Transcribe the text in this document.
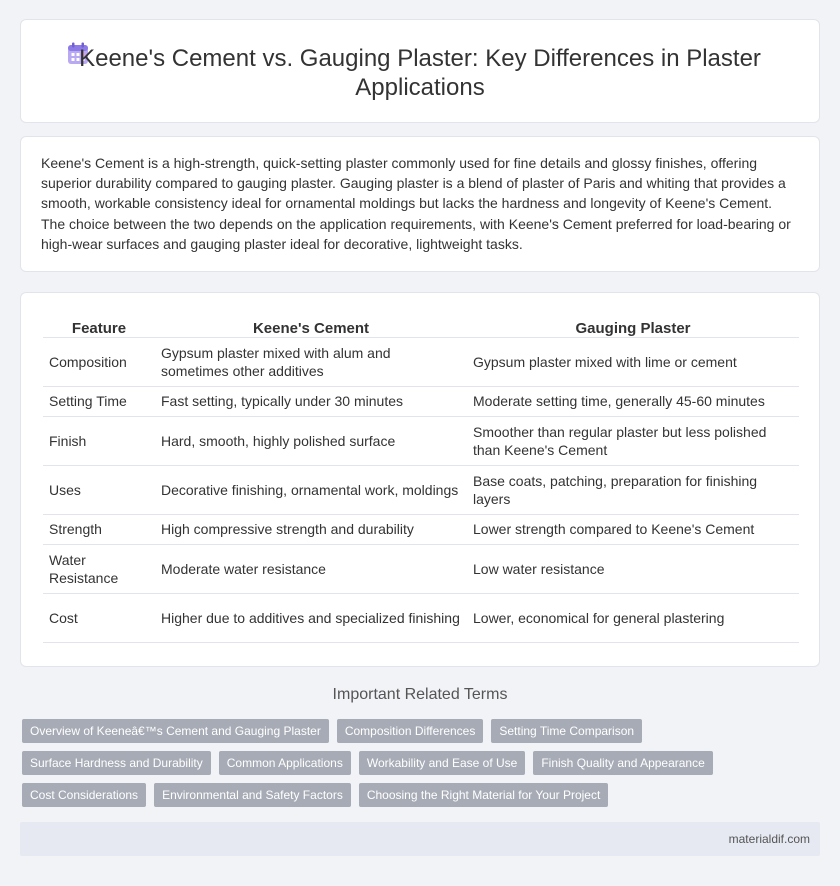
Keene's Cement vs. Gauging Plaster: Key Differences in Plaster Applications

Keene's Cement is a high-strength, quick-setting plaster commonly used for fine details and glossy finishes, offering superior durability compared to gauging plaster. Gauging plaster is a blend of plaster of Paris and whiting that provides a smooth, workable consistency ideal for ornamental moldings but lacks the hardness and longevity of Keene's Cement. The choice between the two depends on the application requirements, with Keene's Cement preferred for load-bearing or high-wear surfaces and gauging plaster ideal for decorative, lightweight tasks.

Feature	Keene's Cement	Gauging Plaster
Composition	Gypsum plaster mixed with alum and sometimes other additives	Gypsum plaster mixed with lime or cement
Setting Time	Fast setting, typically under 30 minutes	Moderate setting time, generally 45-60 minutes
Finish	Hard, smooth, highly polished surface	Smoother than regular plaster but less polished than Keene's Cement
Uses	Decorative finishing, ornamental work, moldings	Base coats, patching, preparation for finishing layers
Strength	High compressive strength and durability	Lower strength compared to Keene's Cement
Water Resistance	Moderate water resistance	Low water resistance
Cost	Higher due to additives and specialized finishing	Lower, economical for general plastering
Important Related Terms
Overview of Keeneâ€™s Cement and Gauging Plaster	Composition Differences	Setting Time Comparison
Surface Hardness and Durability	Common Applications	Workability and Ease of Use	Finish Quality and Appearance
Cost Considerations	Environmental and Safety Factors	Choosing the Right Material for Your Project
materialdif.com
